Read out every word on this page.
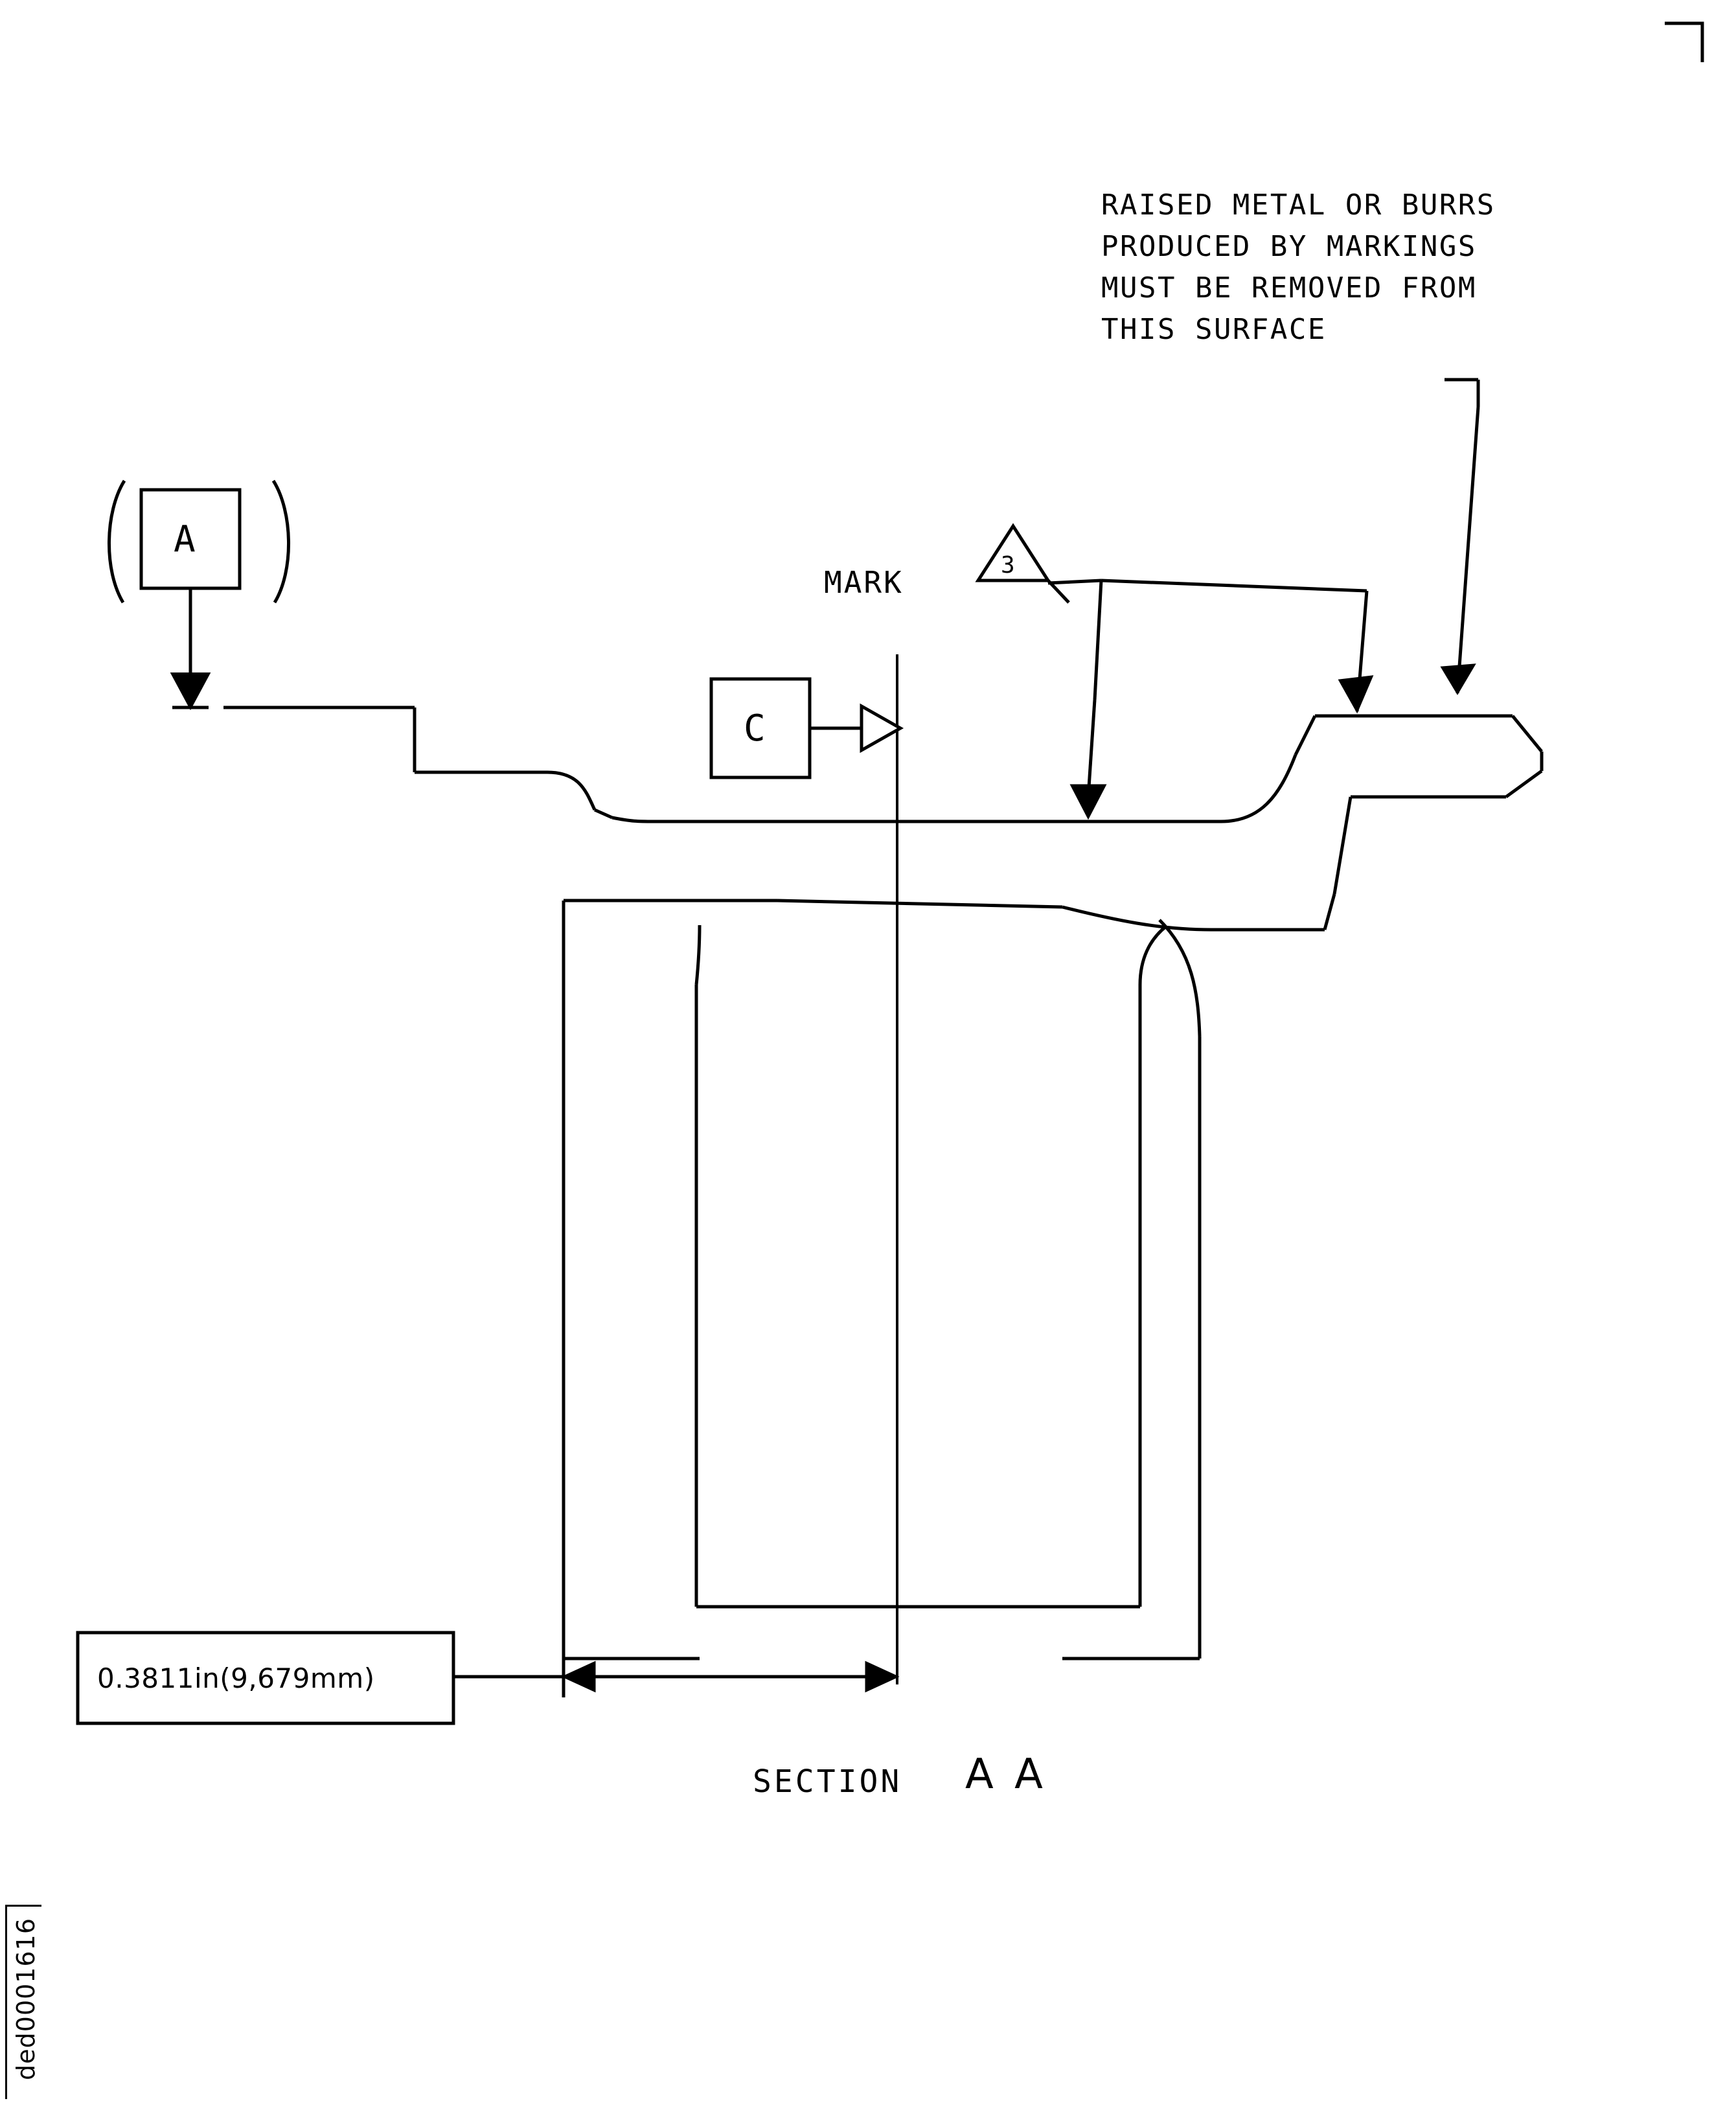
RAISED METAL OR BURRS
PRODUCED BY MARKINGS
MUST BE REMOVED FROM
THIS SURFACE
MARK	3
A
C
0.3811in(9,679mm)
SECTION A A
ded0001616
